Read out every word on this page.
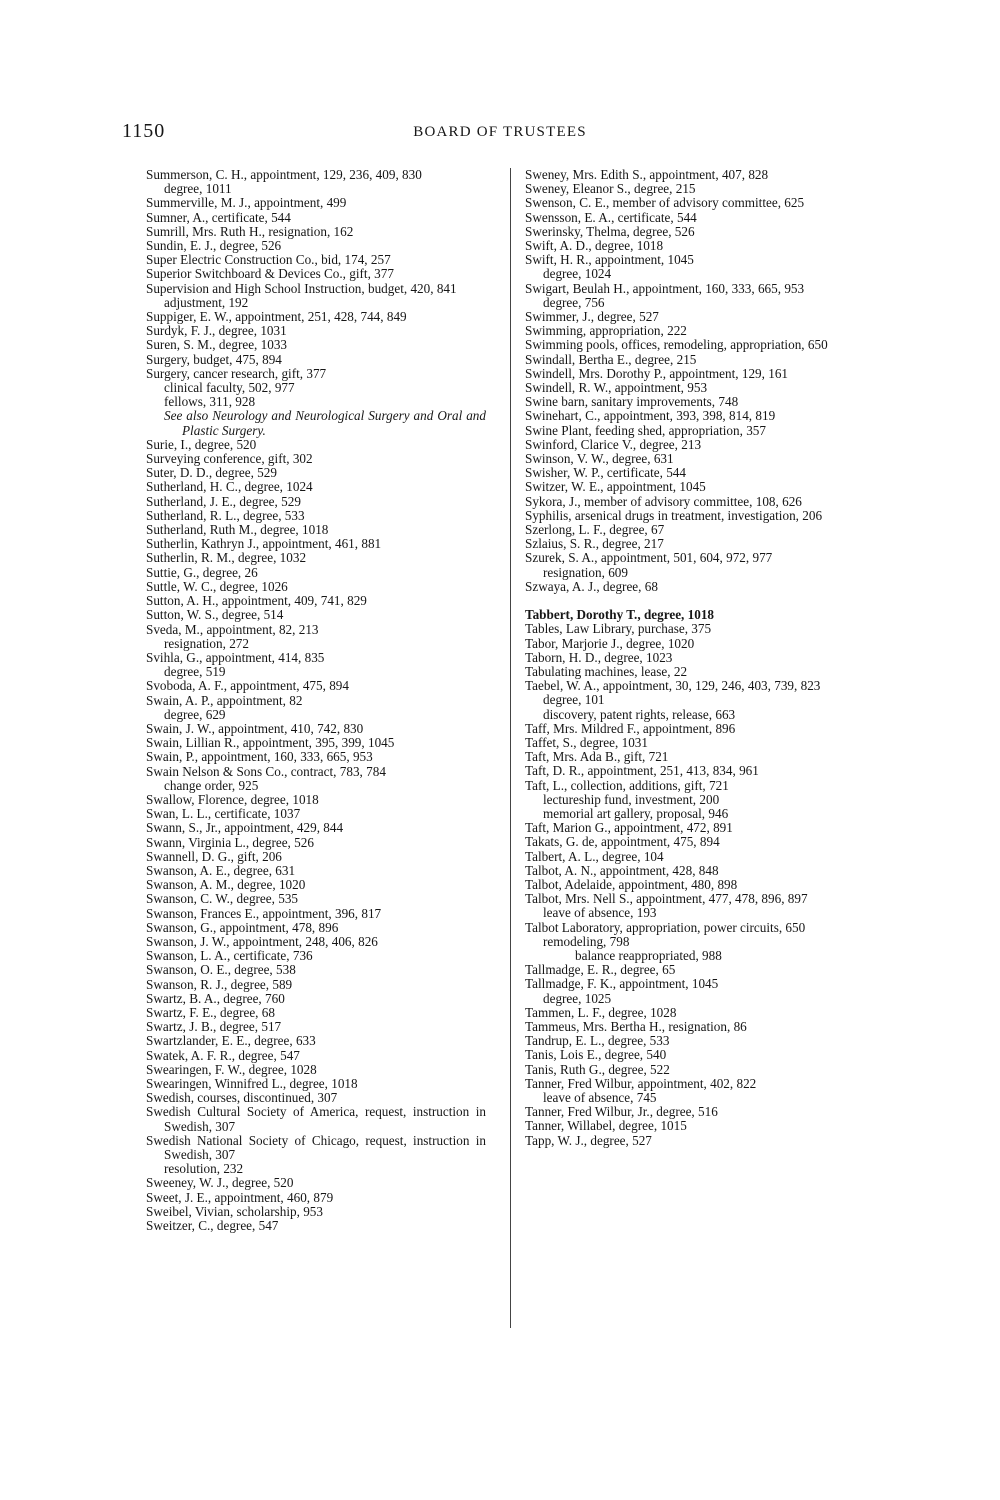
1150	BOARD OF TRUSTEES
Summerson, C. H., appointment, 129, 236, 409, 830
degree, 1011
Summerville, M. J., appointment, 499
Sumner, A., certificate, 544
Sumrill, Mrs. Ruth H., resignation, 162
Sundin, E. J., degree, 526
Super Electric Construction Co., bid, 174, 257
Superior Switchboard & Devices Co., gift, 377
Supervision and High School Instruction, budget, 420, 841
adjustment, 192
Suppiger, E. W., appointment, 251, 428, 744, 849
Surdyk, F. J., degree, 1031
Suren, S. M., degree, 1033
Surgery, budget, 475, 894
Surgery, cancer research, gift, 377
clinical faculty, 502, 977
fellows, 311, 928
See also Neurology and Neurological Surgery and Oral and Plastic Surgery.
Surie, I., degree, 520
Surveying conference, gift, 302
Suter, D. D., degree, 529
Sutherland, H. C., degree, 1024
Sutherland, J. E., degree, 529
Sutherland, R. L., degree, 533
Sutherland, Ruth M., degree, 1018
Sutherlin, Kathryn J., appointment, 461, 881
Sutherlin, R. M., degree, 1032
Suttie, G., degree, 26
Suttle, W. C., degree, 1026
Sutton, A. H., appointment, 409, 741, 829
Sutton, W. S., degree, 514
Sveda, M., appointment, 82, 213
resignation, 272
Svihla, G., appointment, 414, 835
degree, 519
Svoboda, A. F., appointment, 475, 894
Swain, A. P., appointment, 82
degree, 629
Swain, J. W., appointment, 410, 742, 830
Swain, Lillian R., appointment, 395, 399, 1045
Swain, P., appointment, 160, 333, 665, 953
Swain Nelson & Sons Co., contract, 783, 784
change order, 925
Swallow, Florence, degree, 1018
Swan, L. L., certificate, 1037
Swann, S., Jr., appointment, 429, 844
Swann, Virginia L., degree, 526
Swannell, D. G., gift, 206
Swanson, A. E., degree, 631
Swanson, A. M., degree, 1020
Swanson, C. W., degree, 535
Swanson, Frances E., appointment, 396, 817
Swanson, G., appointment, 478, 896
Swanson, J. W., appointment, 248, 406, 826
Swanson, L. A., certificate, 736
Swanson, O. E., degree, 538
Swanson, R. J., degree, 589
Swartz, B. A., degree, 760
Swartz, F. E., degree, 68
Swartz, J. B., degree, 517
Swartzlander, E. E., degree, 633
Swatek, A. F. R., degree, 547
Swearingen, F. W., degree, 1028
Swearingen, Winnifred L., degree, 1018
Swedish, courses, discontinued, 307
Swedish Cultural Society of America, request, instruction in Swedish, 307
Swedish National Society of Chicago, request, instruction in Swedish, 307
resolution, 232
Sweeney, W. J., degree, 520
Sweet, J. E., appointment, 460, 879
Sweibel, Vivian, scholarship, 953
Sweitzer, C., degree, 547
Sweney, Mrs. Edith S., appointment, 407, 828
Sweney, Eleanor S., degree, 215
Swenson, C. E., member of advisory committee, 625
Swensson, E. A., certificate, 544
Swerinsky, Thelma, degree, 526
Swift, A. D., degree, 1018
Swift, H. R., appointment, 1045
degree, 1024
Swigart, Beulah H., appointment, 160, 333, 665, 953
degree, 756
Swimmer, J., degree, 527
Swimming, appropriation, 222
Swimming pools, offices, remodeling, appropriation, 650
Swindall, Bertha E., degree, 215
Swindell, Mrs. Dorothy P., appointment, 129, 161
Swindell, R. W., appointment, 953
Swine barn, sanitary improvements, 748
Swinehart, C., appointment, 393, 398, 814, 819
Swine Plant, feeding shed, appropriation, 357
Swinford, Clarice V., degree, 213
Swinson, V. W., degree, 631
Swisher, W. P., certificate, 544
Switzer, W. E., appointment, 1045
Sykora, J., member of advisory committee, 108, 626
Syphilis, arsenical drugs in treatment, investigation, 206
Szerlong, L. F., degree, 67
Szlaius, S. R., degree, 217
Szurek, S. A., appointment, 501, 604, 972, 977
resignation, 609
Szwaya, A. J., degree, 68
Tabbert, Dorothy T., degree, 1018
Tables, Law Library, purchase, 375
Tabor, Marjorie J., degree, 1020
Taborn, H. D., degree, 1023
Tabulating machines, lease, 22
Taebel, W. A., appointment, 30, 129, 246, 403, 739, 823
degree, 101
discovery, patent rights, release, 663
Taff, Mrs. Mildred F., appointment, 896
Taffet, S., degree, 1031
Taft, Mrs. Ada B., gift, 721
Taft, D. R., appointment, 251, 413, 834, 961
Taft, L., collection, additions, gift, 721
lectureship fund, investment, 200
memorial art gallery, proposal, 946
Taft, Marion G., appointment, 472, 891
Takats, G. de, appointment, 475, 894
Talbert, A. L., degree, 104
Talbot, A. N., appointment, 428, 848
Talbot, Adelaide, appointment, 480, 898
Talbot, Mrs. Nell S., appointment, 477, 478, 896, 897
leave of absence, 193
Talbot Laboratory, appropriation, power circuits, 650
remodeling, 798
balance reappropriated, 988
Tallmadge, E. R., degree, 65
Tallmadge, F. K., appointment, 1045
degree, 1025
Tammen, L. F., degree, 1028
Tammeus, Mrs. Bertha H., resignation, 86
Tandrup, E. L., degree, 533
Tanis, Lois E., degree, 540
Tanis, Ruth G., degree, 522
Tanner, Fred Wilbur, appointment, 402, 822
leave of absence, 745
Tanner, Fred Wilbur, Jr., degree, 516
Tanner, Willabel, degree, 1015
Tapp, W. J., degree, 527
